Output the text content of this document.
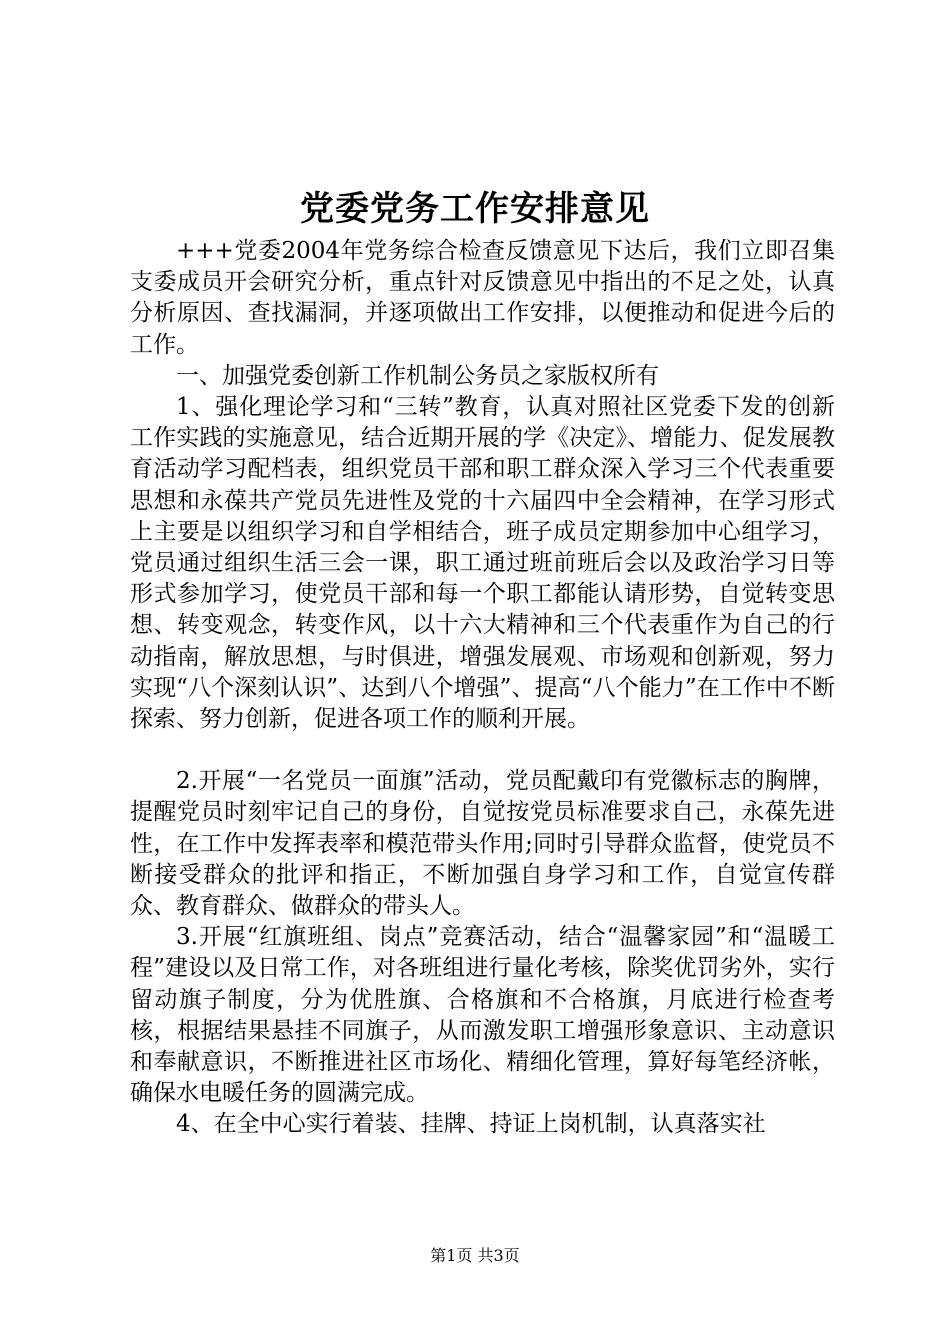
党委党务工作安排意见

+++党委2004年党务综合检查反馈意见下达后，我们立即召集支委成员开会研究分析，重点针对反馈意见中指出的不足之处，认真分析原因、查找漏洞，并逐项做出工作安排，以便推动和促进今后的工作。

一、加强党委创新工作机制公务员之家版权所有

1、强化理论学习和“三转”教育，认真对照社区党委下发的创新工作实践的实施意见，结合近期开展的学《决定》、增能力、促发展教育活动学习配档表，组织党员干部和职工群众深入学习三个代表重要思想和永葆共产党员先进性及党的十六届四中全会精神，在学习形式上主要是以组织学习和自学相结合，班子成员定期参加中心组学习，党员通过组织生活三会一课，职工通过班前班后会以及政治学习日等形式参加学习，使党员干部和每一个职工都能认请形势，自觉转变思想、转变观念，转变作风，以十六大精神和三个代表重作为自己的行动指南，解放思想，与时俱进，增强发展观、市场观和创新观，努力实现“八个深刻认识”、达到八个增强”、提高“八个能力”在工作中不断探索、努力创新，促进各项工作的顺利开展。

2.开展“一名党员一面旗”活动，党员配戴印有党徽标志的胸牌，提醒党员时刻牢记自己的身份，自觉按党员标准要求自己，永葆先进性，在工作中发挥表率和模范带头作用;同时引导群众监督，使党员不断接受群众的批评和指正，不断加强自身学习和工作，自觉宣传群众、教育群众、做群众的带头人。

3.开展“红旗班组、岗点”竞赛活动，结合“温馨家园”和“温暖工程”建设以及日常工作，对各班组进行量化考核，除奖优罚劣外，实行留动旗子制度，分为优胜旗、合格旗和不合格旗，月底进行检查考核，根据结果悬挂不同旗子，从而激发职工增强形象意识、主动意识和奉献意识，不断推进社区市场化、精细化管理，算好每笔经济帐，确保水电暖任务的圆满完成。

4、在全中心实行着装、挂牌、持证上岗机制，认真落实社

第1页 共3页
